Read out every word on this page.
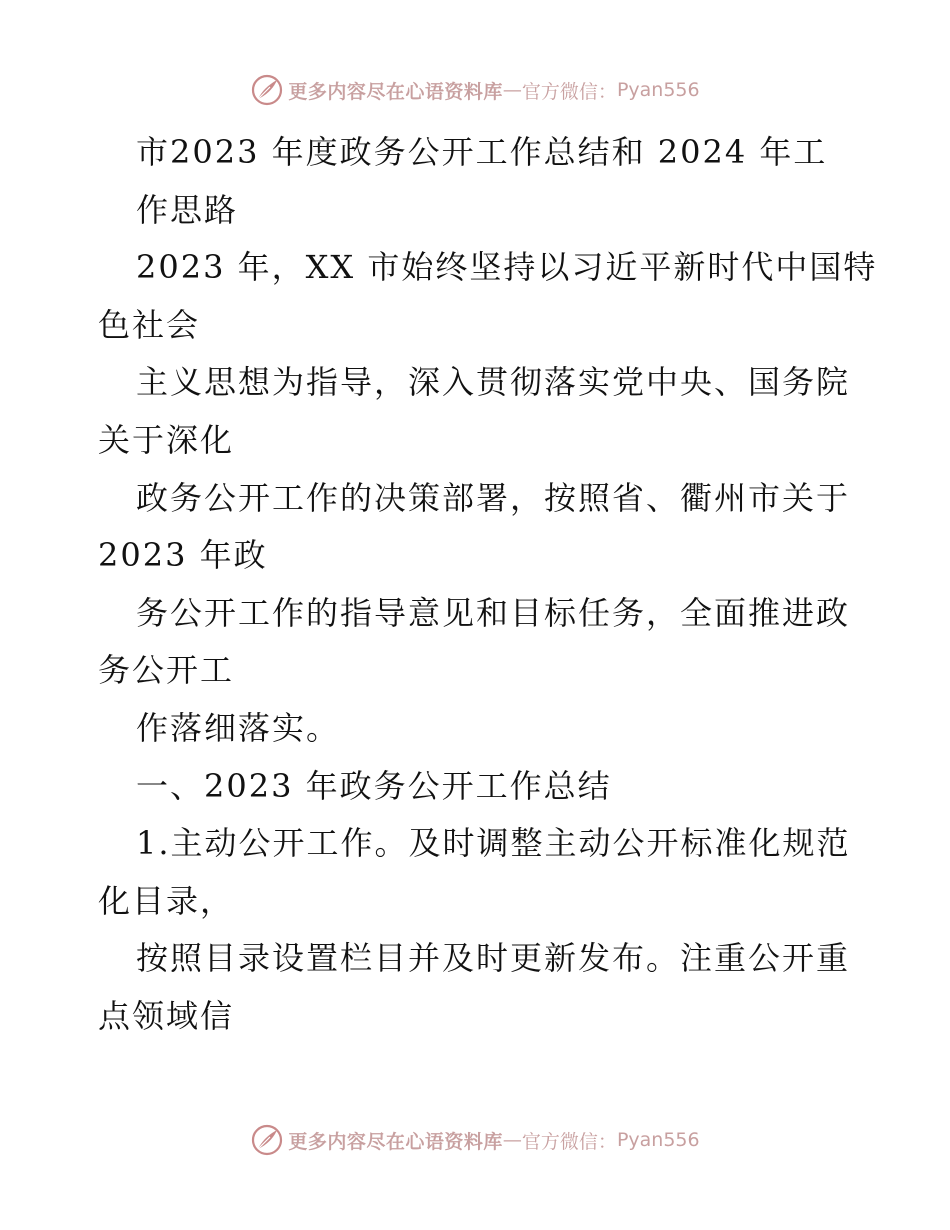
更多内容尽在心语资料库 — 官方微信： Pyan556
市2023 年度政务公开工作总结和 2024 年工
作思路
2023 年，XX 市始终坚持以习近平新时代中国特
色社会
主义思想为指导，深入贯彻落实党中央、国务院
关于深化
政务公开工作的决策部署，按照省、衢州市关于
2023 年政
务公开工作的指导意见和目标任务，全面推进政
务公开工
作落细落实。
一、2023 年政务公开工作总结
1.主动公开工作。及时调整主动公开标准化规范
化目录，
按照目录设置栏目并及时更新发布。注重公开重
点领域信
更多内容尽在心语资料库 — 官方微信： Pyan556
